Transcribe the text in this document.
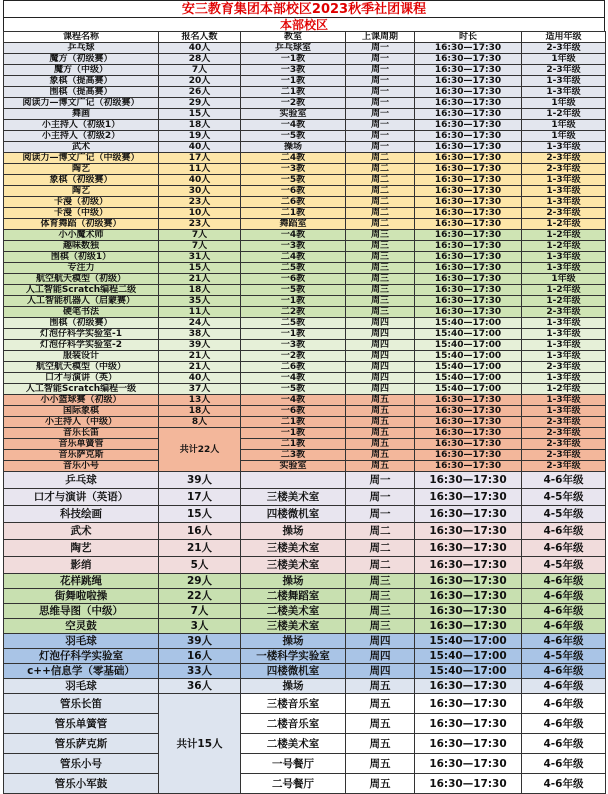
安三教育集团本部校区2023秋季社团课程
本部校区
课程名称	报名人数	教室	上课周期	时长	适用年级
乒乓球	40人	乒乓球室	周一	16:30—17:30	2-3年级
魔方（初级赛）	28人	一1教	周一	16:30—17:30	1年级
魔方（中级）	7人	一3教	周一	16:30—17:30	2-3年级
象棋（提高赛）	20人	一1教	周一	16:30—17:30	1-3年级
围棋（提高赛）	26人	二1教	周一	16:30—17:30	1-3年级
阅读力—博文广记（初级赛）	29人	一2教	周一	16:30—17:30	1年级
舞画	15人	实验室	周一	16:30—17:30	1-2年级
小主持人（初级1）	18人	一4教	周一	16:30—17:30	1年级
小主持人（初级2）	19人	一5教	周一	16:30—17:30	1年级
武术	40人	操场	周一	16:30—17:30	1-3年级
阅读力—博文广记（中级赛）	17人	二4教	周二	16:30—17:30	2-3年级
陶艺	11人	一3教	周二	16:30—17:30	2-3年级
象棋（初级赛）	40人	一5教	周二	16:30—17:30	1-3年级
陶艺	30人	一6教	周二	16:30—17:30	1-3年级
卡漫（初级）	23人	二6教	周二	16:30—17:30	1-3年级
卡漫（中级）	10人	二1教	周二	16:30—17:30	2-3年级
体育舞蹈（初级赛）	23人	舞蹈室	周二	16:30—17:30	1-2年级
小小魔术师	7人	一4教	周三	16:30—17:30	1-2年级
趣味数独	7人	一3教	周三	16:30—17:30	1-2年级
围棋（初级1）	31人	二4教	周三	16:30—17:30	1-3年级
专注力	15人	二5教	周三	16:30—17:30	1-3年级
航空航天模型（初级）	21人	一6教	周三	16:30—17:30	1年级
人工智能Scratch编程二级	18人	一5教	周三	16:30—17:30	1-2年级
人工智能机器人（启蒙赛）	35人	一1教	周三	16:30—17:30	1-2年级
硬笔书法	11人	二2教	周三	16:30—17:30	2-3年级
围棋（初级赛）	24人	二5教	周四	15:40—17:00	1-3年级
灯泡仔科学实验室-1	38人	一1教	周四	15:40—17:00	1-3年级
灯泡仔科学实验室-2	39人	一3教	周四	15:40—17:00	1-3年级
服装设计	21人	一2教	周四	15:40—17:00	1-3年级
航空航天模型（中级）	21人	二6教	周四	15:40—17:00	2-3年级
口才与演讲（英）	40人	一4教	周四	15:40—17:00	1-3年级
人工智能Scratch编程一级	37人	一5教	周四	15:40—17:00	1-2年级
小小篮球赛（初级）	13人	一4教	周五	16:30—17:30	1-3年级
国际象棋	18人	一6教	周五	16:30—17:30	1-3年级
小主持人（中级）	8人	二1教	周五	16:30—17:30	2-3年级
音乐长笛	共计22人	一1教	周五	16:30—17:30	2-3年级
音乐单簧管		二1教	周五	16:30—17:30	2-3年级
音乐萨克斯		二3教	周五	16:30—17:30	2-3年级
音乐小号		实验室	周五	16:30—17:30	2-3年级
乒乓球	39人		周一	16:30—17:30	4-6年级
口才与演讲（英语）	17人	三楼美术室	周一	16:30—17:30	4-5年级
科技绘画	15人	四楼微机室	周一	16:30—17:30	4-5年级
武术	16人	操场	周二	16:30—17:30	4-6年级
陶艺	21人	三楼美术室	周二	16:30—17:30	4-6年级
影绡	5人	三楼美术室	周二	16:30—17:30	4-5年级
花样跳绳	29人	操场	周三	16:30—17:30	4-6年级
街舞啦啦操	22人	二楼舞蹈室	周三	16:30—17:30	4-6年级
思维导图（中级）	7人	二楼美术室	周三	16:30—17:30	4-6年级
空灵鼓	3人	三楼美术室	周三	16:30—17:30	4-6年级
羽毛球	39人	操场	周四	15:40—17:00	4-6年级
灯泡仔科学实验室	16人	一楼科学实验室	周四	15:40—17:00	4-5年级
c++信息学（零基础）	33人	四楼微机室	周四	15:40—17:00	4-6年级
羽毛球	36人	操场	周五	16:30—17:30	4-6年级
管乐长笛	共计15人	三楼音乐室	周五	16:30—17:30	4-6年级
管乐单簧管		二楼音乐室	周五	16:30—17:30	4-6年级
管乐萨克斯		二楼美术室	周五	16:30—17:30	4-6年级
管乐小号		一号餐厅	周五	16:30—17:30	4-6年级
管乐小军鼓		二号餐厅	周五	16:30—17:30	4-6年级
